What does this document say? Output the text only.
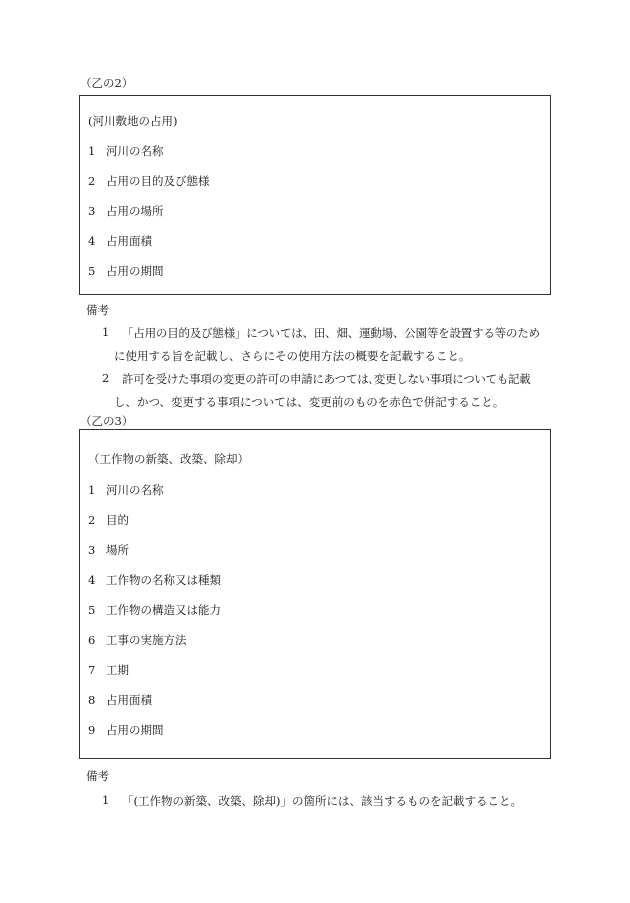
（乙の2）
(河川敷地の占用)
1 河川の名称
2 占用の目的及び態様
3 占用の場所
4 占用面積
5 占用の期間
備考
1 「占用の目的及び態様」については、田、畑、運動場、公園等を設置する等のため
に使用する旨を記載し、さらにその使用方法の概要を記載すること。
2 許可を受けた事項の変更の許可の申請にあつては､変更しない事項についても記載
し、かつ、変更する事項については、変更前のものを赤色で併記すること。
（乙の3）
（工作物の新築、改築、除却）
1 河川の名称
2 目的
3 場所
4 工作物の名称又は種類
5 工作物の構造又は能力
6 工事の実施方法
7 工期
8 占用面積
9 占用の期間
備考
1 「(工作物の新築、改築、除却)」の箇所には、該当するものを記載すること。
